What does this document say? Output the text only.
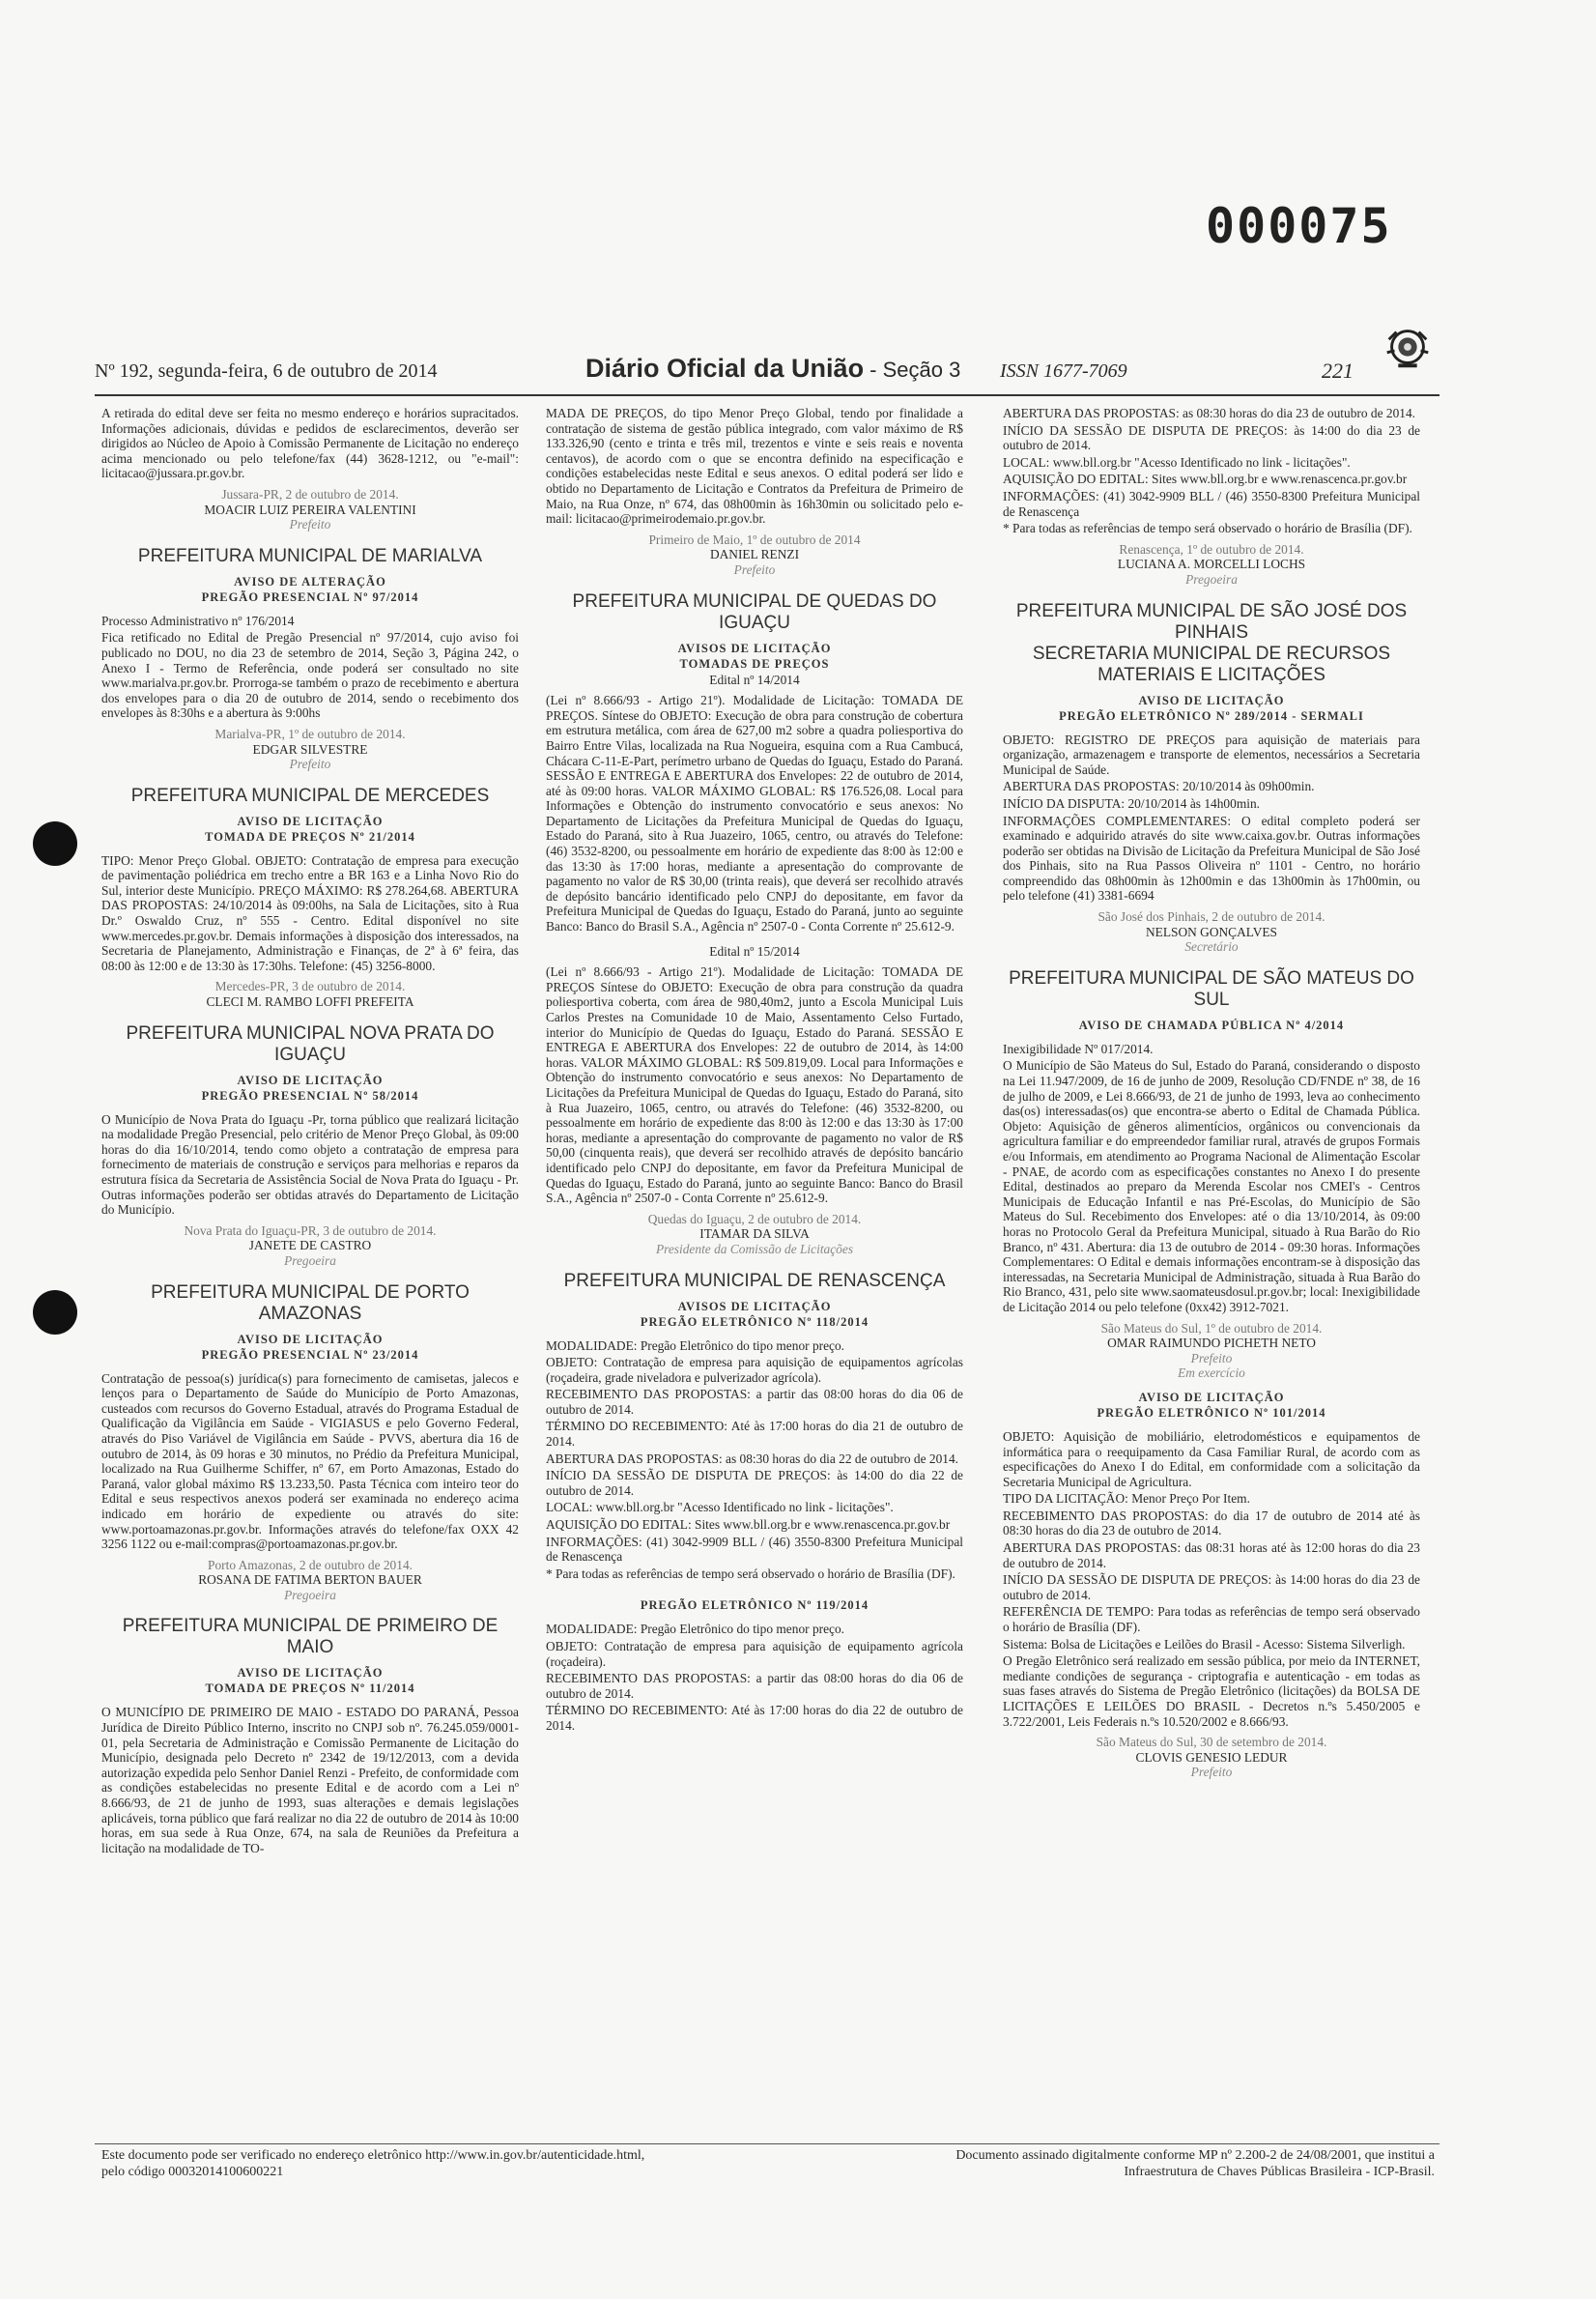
000075
Nº 192, segunda-feira, 6 de outubro de 2014	Diário Oficial da União - Seção 3 ISSN 1677-7069	221

A retirada do edital deve ser feita no mesmo endereço e horários supracitados. Informações adicionais, dúvidas e pedidos de esclarecimentos, deverão ser dirigidos ao Núcleo de Apoio à Comissão Permanente de Licitação no endereço acima mencionado ou pelo telefone/fax (44) 3628-1212, ou "e-mail": licitacao@jussara.pr.gov.br.

Jussara-PR, 2 de outubro de 2014.
MOACIR LUIZ PEREIRA VALENTINI
Prefeito
PREFEITURA MUNICIPAL DE MARIALVA
AVISO DE ALTERAÇÃO
PREGÃO PRESENCIAL Nº 97/2014

Processo Administrativo nº 176/2014

Fica retificado no Edital de Pregão Presencial nº 97/2014, cujo aviso foi publicado no DOU, no dia 23 de setembro de 2014, Seção 3, Página 242, o Anexo I - Termo de Referência, onde poderá ser consultado no site www.marialva.pr.gov.br. Prorroga-se também o prazo de recebimento e abertura dos envelopes para o dia 20 de outubro de 2014, sendo o recebimento dos envelopes às 8:30hs e a abertura às 9:00hs

Marialva-PR, 1º de outubro de 2014.
EDGAR SILVESTRE
Prefeito
PREFEITURA MUNICIPAL DE MERCEDES
AVISO DE LICITAÇÃO
TOMADA DE PREÇOS Nº 21/2014

TIPO: Menor Preço Global. OBJETO: Contratação de empresa para execução de pavimentação poliédrica em trecho entre a BR 163 e a Linha Novo Rio do Sul, interior deste Município. PREÇO MÁXIMO: R$ 278.264,68. ABERTURA DAS PROPOSTAS: 24/10/2014 às 09:00hs, na Sala de Licitações, sito à Rua Dr.º Oswaldo Cruz, nº 555 - Centro. Edital disponível no site www.mercedes.pr.gov.br. Demais informações à disposição dos interessados, na Secretaria de Planejamento, Administração e Finanças, de 2ª à 6ª feira, das 08:00 às 12:00 e de 13:30 às 17:30hs. Telefone: (45) 3256-8000.

Mercedes-PR, 3 de outubro de 2014.
CLECI M. RAMBO LOFFI PREFEITA
PREFEITURA MUNICIPAL NOVA PRATA DO IGUAÇU
AVISO DE LICITAÇÃO
PREGÃO PRESENCIAL Nº 58/2014

O Município de Nova Prata do Iguaçu -Pr, torna público que realizará licitação na modalidade Pregão Presencial, pelo critério de Menor Preço Global, às 09:00 horas do dia 16/10/2014, tendo como objeto a contratação de empresa para fornecimento de materiais de construção e serviços para melhorias e reparos da estrutura física da Secretaria de Assistência Social de Nova Prata do Iguaçu - Pr. Outras informações poderão ser obtidas através do Departamento de Licitação do Município.

Nova Prata do Iguaçu-PR, 3 de outubro de 2014.
JANETE DE CASTRO
Pregoeira
PREFEITURA MUNICIPAL DE PORTO AMAZONAS
AVISO DE LICITAÇÃO
PREGÃO PRESENCIAL Nº 23/2014

Contratação de pessoa(s) jurídica(s) para fornecimento de camisetas, jalecos e lenços para o Departamento de Saúde do Município de Porto Amazonas, custeados com recursos do Governo Estadual, através do Programa Estadual de Qualificação da Vigilância em Saúde - VIGIASUS e pelo Governo Federal, através do Piso Variável de Vigilância em Saúde - PVVS, abertura dia 16 de outubro de 2014, às 09 horas e 30 minutos, no Prédio da Prefeitura Municipal, localizado na Rua Guilherme Schiffer, nº 67, em Porto Amazonas, Estado do Paraná, valor global máximo R$ 13.233,50. Pasta Técnica com inteiro teor do Edital e seus respectivos anexos poderá ser examinada no endereço acima indicado em horário de expediente ou através do site: www.portoamazonas.pr.gov.br. Informações através do telefone/fax OXX 42 3256 1122 ou e-mail:compras@portoamazonas.pr.gov.br.

Porto Amazonas, 2 de outubro de 2014.
ROSANA DE FATIMA BERTON BAUER
Pregoeira
PREFEITURA MUNICIPAL DE PRIMEIRO DE MAIO
AVISO DE LICITAÇÃO
TOMADA DE PREÇOS Nº 11/2014

O MUNICÍPIO DE PRIMEIRO DE MAIO - ESTADO DO PARANÁ, Pessoa Jurídica de Direito Público Interno, inscrito no CNPJ sob nº. 76.245.059/0001-01, pela Secretaria de Administração e Comissão Permanente de Licitação do Município, designada pelo Decreto nº 2342 de 19/12/2013, com a devida autorização expedida pelo Senhor Daniel Renzi - Prefeito, de conformidade com as condições estabelecidas no presente Edital e de acordo com a Lei nº 8.666/93, de 21 de junho de 1993, suas alterações e demais legislações aplicáveis, torna público que fará realizar no dia 22 de outubro de 2014 às 10:00 horas, em sua sede à Rua Onze, 674, na sala de Reuniões da Prefeitura a licitação na modalidade de TO-

MADA DE PREÇOS, do tipo Menor Preço Global, tendo por finalidade a contratação de sistema de gestão pública integrado, com valor máximo de R$ 133.326,90 (cento e trinta e três mil, trezentos e vinte e seis reais e noventa centavos), de acordo com o que se encontra definido na especificação e condições estabelecidas neste Edital e seus anexos. O edital poderá ser lido e obtido no Departamento de Licitação e Contratos da Prefeitura de Primeiro de Maio, na Rua Onze, nº 674, das 08h00min às 16h30min ou solicitado pelo e-mail: licitacao@primeirodemaio.pr.gov.br.

Primeiro de Maio, 1º de outubro de 2014
DANIEL RENZI
Prefeito
PREFEITURA MUNICIPAL DE QUEDAS DO IGUAÇU
AVISOS DE LICITAÇÃO
TOMADAS DE PREÇOS
Edital nº 14/2014

(Lei nº 8.666/93 - Artigo 21º). Modalidade de Licitação: TOMADA DE PREÇOS. Síntese do OBJETO: Execução de obra para construção de cobertura em estrutura metálica, com área de 627,00 m2 sobre a quadra poliesportiva do Bairro Entre Vilas, localizada na Rua Nogueira, esquina com a Rua Cambucá, Chácara C-11-E-Part, perímetro urbano de Quedas do Iguaçu, Estado do Paraná. SESSÃO E ENTREGA E ABERTURA dos Envelopes: 22 de outubro de 2014, até às 09:00 horas. VALOR MÁXIMO GLOBAL: R$ 176.526,08. Local para Informações e Obtenção do instrumento convocatório e seus anexos: No Departamento de Licitações da Prefeitura Municipal de Quedas do Iguaçu, Estado do Paraná, sito à Rua Juazeiro, 1065, centro, ou através do Telefone: (46) 3532-8200, ou pessoalmente em horário de expediente das 8:00 às 12:00 e das 13:30 às 17:00 horas, mediante a apresentação do comprovante de pagamento no valor de R$ 30,00 (trinta reais), que deverá ser recolhido através de depósito bancário identificado pelo CNPJ do depositante, em favor da Prefeitura Municipal de Quedas do Iguaçu, Estado do Paraná, junto ao seguinte Banco: Banco do Brasil S.A., Agência nº 2507-0 - Conta Corrente nº 25.612-9.

Edital nº 15/2014

(Lei nº 8.666/93 - Artigo 21º). Modalidade de Licitação: TOMADA DE PREÇOS Síntese do OBJETO: Execução de obra para construção da quadra poliesportiva coberta, com área de 980,40m2, junto a Escola Municipal Luis Carlos Prestes na Comunidade 10 de Maio, Assentamento Celso Furtado, interior do Município de Quedas do Iguaçu, Estado do Paraná. SESSÃO E ENTREGA E ABERTURA dos Envelopes: 22 de outubro de 2014, às 14:00 horas. VALOR MÁXIMO GLOBAL: R$ 509.819,09. Local para Informações e Obtenção do instrumento convocatório e seus anexos: No Departamento de Licitações da Prefeitura Municipal de Quedas do Iguaçu, Estado do Paraná, sito à Rua Juazeiro, 1065, centro, ou através do Telefone: (46) 3532-8200, ou pessoalmente em horário de expediente das 8:00 às 12:00 e das 13:30 às 17:00 horas, mediante a apresentação do comprovante de pagamento no valor de R$ 50,00 (cinquenta reais), que deverá ser recolhido através de depósito bancário identificado pelo CNPJ do depositante, em favor da Prefeitura Municipal de Quedas do Iguaçu, Estado do Paraná, junto ao seguinte Banco: Banco do Brasil S.A., Agência nº 2507-0 - Conta Corrente nº 25.612-9.

Quedas do Iguaçu, 2 de outubro de 2014.
ITAMAR DA SILVA
Presidente da Comissão de Licitações
PREFEITURA MUNICIPAL DE RENASCENÇA
AVISOS DE LICITAÇÃO
PREGÃO ELETRÔNICO Nº 118/2014

MODALIDADE: Pregão Eletrônico do tipo menor preço.

OBJETO: Contratação de empresa para aquisição de equipamentos agrícolas (roçadeira, grade niveladora e pulverizador agrícola).

RECEBIMENTO DAS PROPOSTAS: a partir das 08:00 horas do dia 06 de outubro de 2014.

TÉRMINO DO RECEBIMENTO: Até às 17:00 horas do dia 21 de outubro de 2014.

ABERTURA DAS PROPOSTAS: as 08:30 horas do dia 22 de outubro de 2014.

INÍCIO DA SESSÃO DE DISPUTA DE PREÇOS: às 14:00 do dia 22 de outubro de 2014.

LOCAL: www.bll.org.br "Acesso Identificado no link - licitações".

AQUISIÇÃO DO EDITAL: Sites www.bll.org.br e www.renascenca.pr.gov.br

INFORMAÇÕES: (41) 3042-9909 BLL / (46) 3550-8300 Prefeitura Municipal de Renascença

* Para todas as referências de tempo será observado o horário de Brasília (DF).

PREGÃO ELETRÔNICO Nº 119/2014

MODALIDADE: Pregão Eletrônico do tipo menor preço.

OBJETO: Contratação de empresa para aquisição de equipamento agrícola (roçadeira).

RECEBIMENTO DAS PROPOSTAS: a partir das 08:00 horas do dia 06 de outubro de 2014.

TÉRMINO DO RECEBIMENTO: Até às 17:00 horas do dia 22 de outubro de 2014.

ABERTURA DAS PROPOSTAS: as 08:30 horas do dia 23 de outubro de 2014.

INÍCIO DA SESSÃO DE DISPUTA DE PREÇOS: às 14:00 do dia 23 de outubro de 2014.

LOCAL: www.bll.org.br "Acesso Identificado no link - licitações".

AQUISIÇÃO DO EDITAL: Sites www.bll.org.br e www.renascenca.pr.gov.br

INFORMAÇÕES: (41) 3042-9909 BLL / (46) 3550-8300 Prefeitura Municipal de Renascença

* Para todas as referências de tempo será observado o horário de Brasília (DF).

Renascença, 1º de outubro de 2014.
LUCIANA A. MORCELLI LOCHS
Pregoeira
PREFEITURA MUNICIPAL DE SÃO JOSÉ DOS PINHAIS
SECRETARIA MUNICIPAL DE RECURSOS MATERIAIS E LICITAÇÕES
AVISO DE LICITAÇÃO
PREGÃO ELETRÔNICO Nº 289/2014 - SERMALI

OBJETO: REGISTRO DE PREÇOS para aquisição de materiais para organização, armazenagem e transporte de elementos, necessários a Secretaria Municipal de Saúde.

ABERTURA DAS PROPOSTAS: 20/10/2014 às 09h00min.

INÍCIO DA DISPUTA: 20/10/2014 às 14h00min.

INFORMAÇÕES COMPLEMENTARES: O edital completo poderá ser examinado e adquirido através do site www.caixa.gov.br. Outras informações poderão ser obtidas na Divisão de Licitação da Prefeitura Municipal de São José dos Pinhais, sito na Rua Passos Oliveira nº 1101 - Centro, no horário compreendido das 08h00min às 12h00min e das 13h00min às 17h00min, ou pelo telefone (41) 3381-6694

São José dos Pinhais, 2 de outubro de 2014.
NELSON GONÇALVES
Secretário
PREFEITURA MUNICIPAL DE SÃO MATEUS DO SUL
AVISO DE CHAMADA PÚBLICA Nº 4/2014

Inexigibilidade Nº 017/2014.

O Município de São Mateus do Sul, Estado do Paraná, considerando o disposto na Lei 11.947/2009, de 16 de junho de 2009, Resolução CD/FNDE nº 38, de 16 de julho de 2009, e Lei 8.666/93, de 21 de junho de 1993, leva ao conhecimento das(os) interessadas(os) que encontra-se aberto o Edital de Chamada Pública. Objeto: Aquisição de gêneros alimentícios, orgânicos ou convencionais da agricultura familiar e do empreendedor familiar rural, através de grupos Formais e/ou Informais, em atendimento ao Programa Nacional de Alimentação Escolar - PNAE, de acordo com as especificações constantes no Anexo I do presente Edital, destinados ao preparo da Merenda Escolar nos CMEI's - Centros Municipais de Educação Infantil e nas Pré-Escolas, do Município de São Mateus do Sul. Recebimento dos Envelopes: até o dia 13/10/2014, às 09:00 horas no Protocolo Geral da Prefeitura Municipal, situado à Rua Barão do Rio Branco, nº 431. Abertura: dia 13 de outubro de 2014 - 09:30 horas. Informações Complementares: O Edital e demais informações encontram-se à disposição das interessadas, na Secretaria Municipal de Administração, situada à Rua Barão do Rio Branco, 431, pelo site www.saomateusdosul.pr.gov.br; local: Inexigibilidade de Licitação 2014 ou pelo telefone (0xx42) 3912-7021.

São Mateus do Sul, 1º de outubro de 2014.
OMAR RAIMUNDO PICHETH NETO
Prefeito
Em exercício
AVISO DE LICITAÇÃO
PREGÃO ELETRÔNICO Nº 101/2014

OBJETO: Aquisição de mobiliário, eletrodomésticos e equipamentos de informática para o reequipamento da Casa Familiar Rural, de acordo com as especificações do Anexo I do Edital, em conformidade com a solicitação da Secretaria Municipal de Agricultura.

TIPO DA LICITAÇÃO: Menor Preço Por Item.

RECEBIMENTO DAS PROPOSTAS: do dia 17 de outubro de 2014 até às 08:30 horas do dia 23 de outubro de 2014.

ABERTURA DAS PROPOSTAS: das 08:31 horas até às 12:00 horas do dia 23 de outubro de 2014.

INÍCIO DA SESSÃO DE DISPUTA DE PREÇOS: às 14:00 horas do dia 23 de outubro de 2014.

REFERÊNCIA DE TEMPO: Para todas as referências de tempo será observado o horário de Brasília (DF).

Sistema: Bolsa de Licitações e Leilões do Brasil - Acesso: Sistema Silverligh.

O Pregão Eletrônico será realizado em sessão pública, por meio da INTERNET, mediante condições de segurança - criptografia e autenticação - em todas as suas fases através do Sistema de Pregão Eletrônico (licitações) da BOLSA DE LICITAÇÕES E LEILÕES DO BRASIL - Decretos n.ºs 5.450/2005 e 3.722/2001, Leis Federais n.ºs 10.520/2002 e 8.666/93.

São Mateus do Sul, 30 de setembro de 2014.
CLOVIS GENESIO LEDUR
Prefeito
Este documento pode ser verificado no endereço eletrônico http://www.in.gov.br/autenticidade.html,
pelo código 00032014100600221
Documento assinado digitalmente conforme MP nº 2.200-2 de 24/08/2001, que institui a
Infraestrutura de Chaves Públicas Brasileira - ICP-Brasil.
